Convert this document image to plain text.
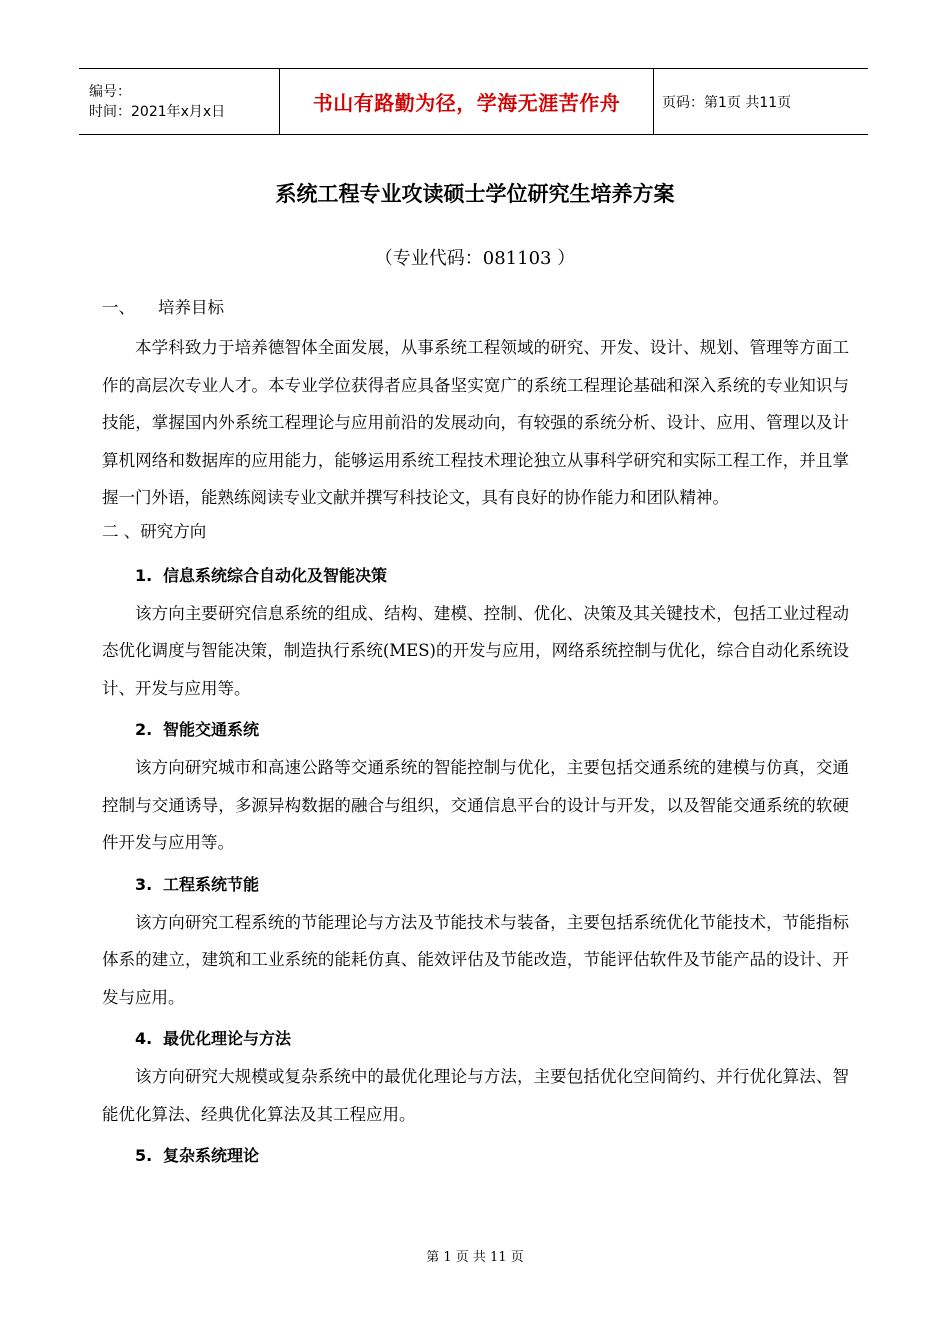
编号：
时间：2021年x月x日	书山有路勤为径，学海无涯苦作舟	页码：第1页 共11页
系统工程专业攻读硕士学位研究生培养方案
（专业代码：081103 ）
一、 培养目标

本学科致力于培养德智体全面发展，从事系统工程领域的研究、开发、设计、规划、管理等方面工作的高层次专业人才。本专业学位获得者应具备坚实宽广的系统工程理论基础和深入系统的专业知识与技能，掌握国内外系统工程理论与应用前沿的发展动向，有较强的系统分析、设计、应用、管理以及计算机网络和数据库的应用能力，能够运用系统工程技术理论独立从事科学研究和实际工程工作，并且掌握一门外语，能熟练阅读专业文献并撰写科技论文，具有良好的协作能力和团队精神。

二 、研究方向
1. 信息系统综合自动化及智能决策

该方向主要研究信息系统的组成、结构、建模、控制、优化、决策及其关键技术，包括工业过程动态优化调度与智能决策，制造执行系统(MES)的开发与应用，网络系统控制与优化，综合自动化系统设计、开发与应用等。

2. 智能交通系统

该方向研究城市和高速公路等交通系统的智能控制与优化，主要包括交通系统的建模与仿真，交通控制与交通诱导，多源异构数据的融合与组织，交通信息平台的设计与开发，以及智能交通系统的软硬件开发与应用等。

3. 工程系统节能

该方向研究工程系统的节能理论与方法及节能技术与装备，主要包括系统优化节能技术，节能指标体系的建立，建筑和工业系统的能耗仿真、能效评估及节能改造，节能评估软件及节能产品的设计、开发与应用。

4. 最优化理论与方法

该方向研究大规模或复杂系统中的最优化理论与方法，主要包括优化空间简约、并行优化算法、智能优化算法、经典优化算法及其工程应用。

5. 复杂系统理论
第 1 页 共 11 页
